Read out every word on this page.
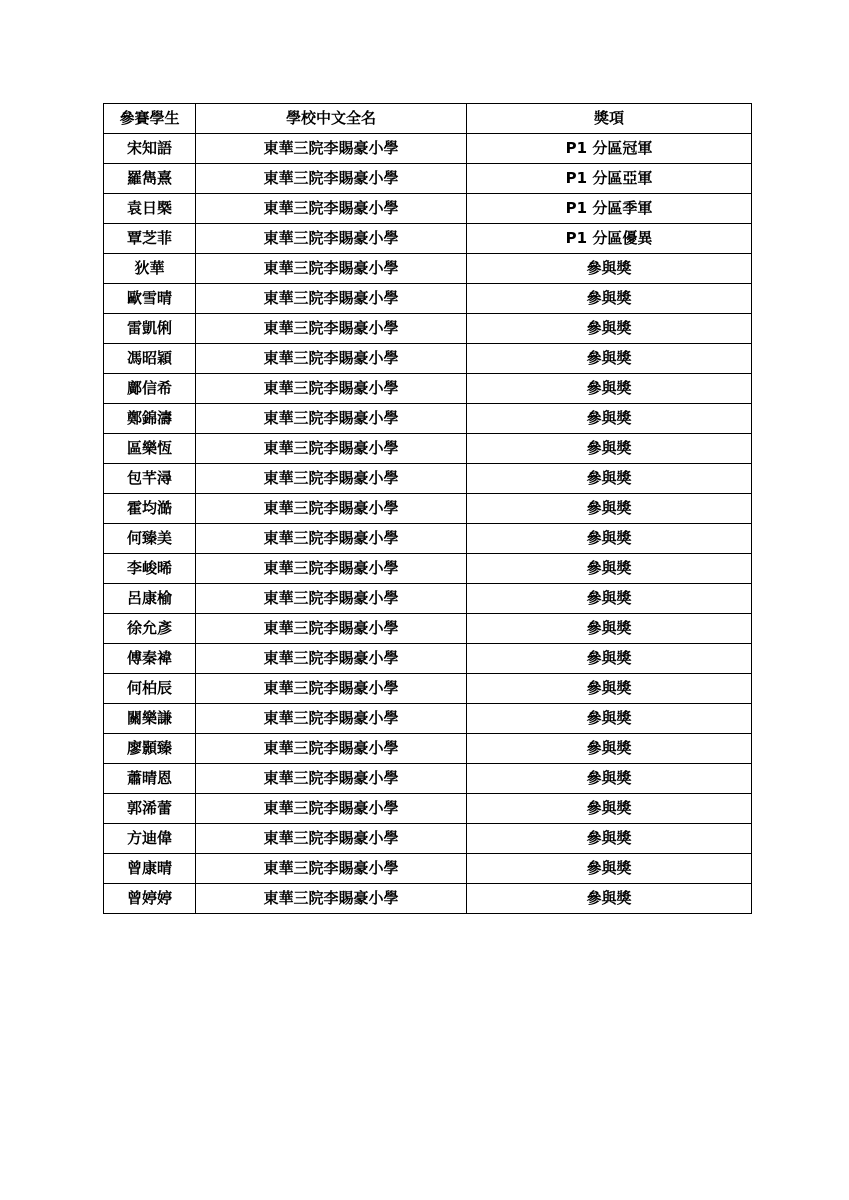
參賽學生	學校中文全名	獎項
宋知語	東華三院李賜豪小學	P1 分區冠軍
羅雋熹	東華三院李賜豪小學	P1 分區亞軍
袁日槩	東華三院李賜豪小學	P1 分區季軍
覃芝菲	東華三院李賜豪小學	P1 分區優異
狄華	東華三院李賜豪小學	參與獎
歐雪晴	東華三院李賜豪小學	參與獎
雷凱俐	東華三院李賜豪小學	參與獎
馮昭穎	東華三院李賜豪小學	參與獎
鄺信希	東華三院李賜豪小學	參與獎
鄭錦濤	東華三院李賜豪小學	參與獎
區樂恆	東華三院李賜豪小學	參與獎
包芊潯	東華三院李賜豪小學	參與獎
霍均澔	東華三院李賜豪小學	參與獎
何臻美	東華三院李賜豪小學	參與獎
李峻晞	東華三院李賜豪小學	參與獎
呂康榆	東華三院李賜豪小學	參與獎
徐允彥	東華三院李賜豪小學	參與獎
傅秦褘	東華三院李賜豪小學	參與獎
何柏辰	東華三院李賜豪小學	參與獎
關樂謙	東華三院李賜豪小學	參與獎
廖顥臻	東華三院李賜豪小學	參與獎
蕭晴恩	東華三院李賜豪小學	參與獎
郭浠蕾	東華三院李賜豪小學	參與獎
方迪偉	東華三院李賜豪小學	參與獎
曾康晴	東華三院李賜豪小學	參與獎
曾婷婷	東華三院李賜豪小學	參與獎
